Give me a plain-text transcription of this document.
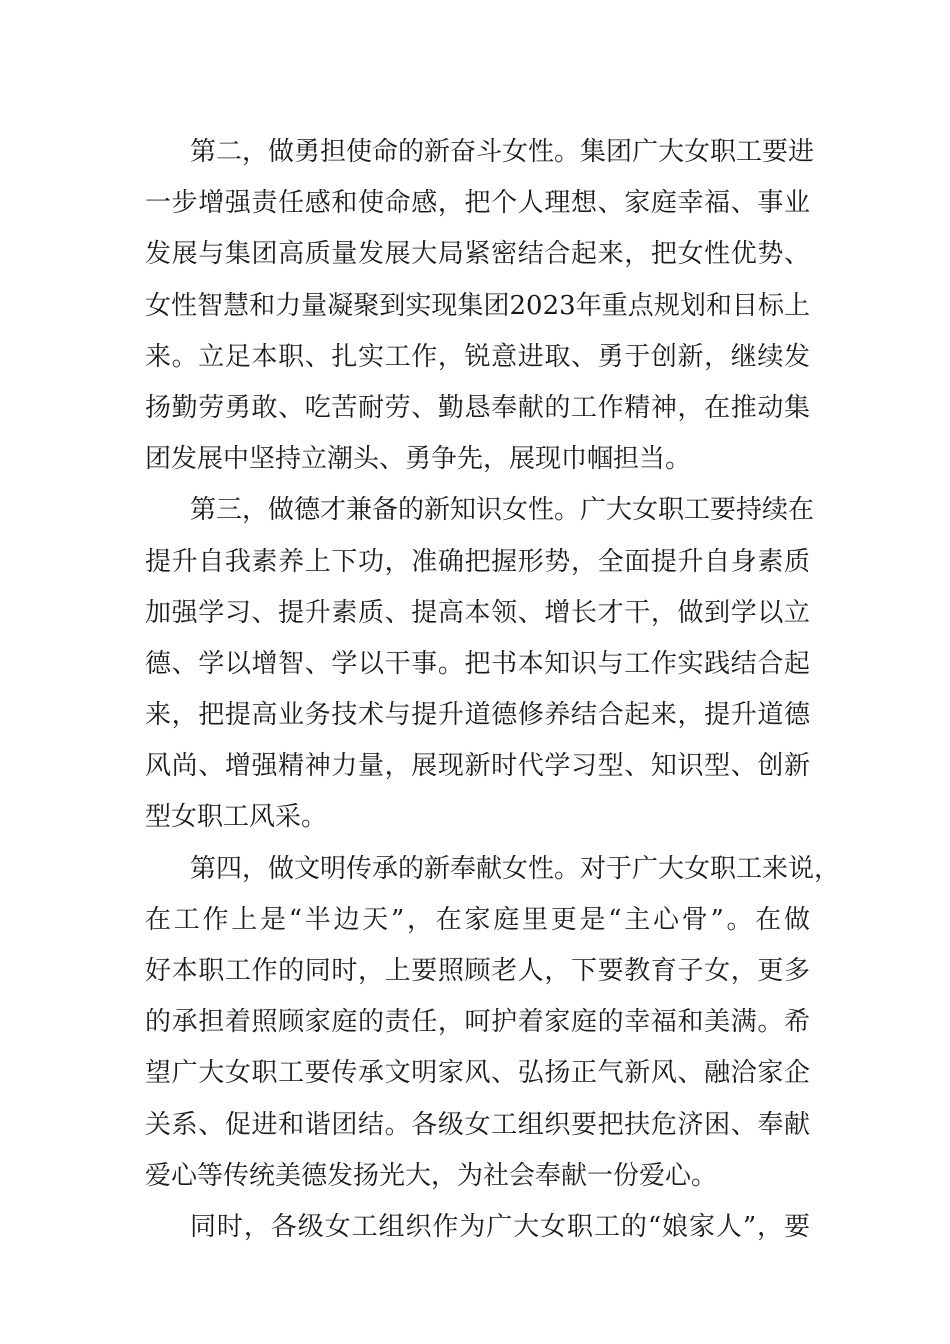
第二，做勇担使命的新奋斗女性。集团广大女职工要进
一步增强责任感和使命感，把个人理想、家庭幸福、事业
发展与集团高质量发展大局紧密结合起来，把女性优势、
女性智慧和力量凝聚到实现集团2023年重点规划和目标上
来。立足本职、扎实工作，锐意进取、勇于创新，继续发
扬勤劳勇敢、吃苦耐劳、勤恳奉献的工作精神，在推动集
团发展中坚持立潮头、勇争先，展现巾帼担当。
第三，做德才兼备的新知识女性。广大女职工要持续在
提升自我素养上下功，准确把握形势，全面提升自身素质
加强学习、提升素质、提高本领、增长才干，做到学以立
德、学以增智、学以干事。把书本知识与工作实践结合起
来，把提高业务技术与提升道德修养结合起来，提升道德
风尚、增强精神力量，展现新时代学习型、知识型、创新
型女职工风采。
第四，做文明传承的新奉献女性。对于广大女职工来说，
在工作上是“半边天”，在家庭里更是“主心骨”。在做
好本职工作的同时，上要照顾老人，下要教育子女，更多
的承担着照顾家庭的责任，呵护着家庭的幸福和美满。希
望广大女职工要传承文明家风、弘扬正气新风、融洽家企
关系、促进和谐团结。各级女工组织要把扶危济困、奉献
爱心等传统美德发扬光大，为社会奉献一份爱心。
同时，各级女工组织作为广大女职工的“娘家人”，要
